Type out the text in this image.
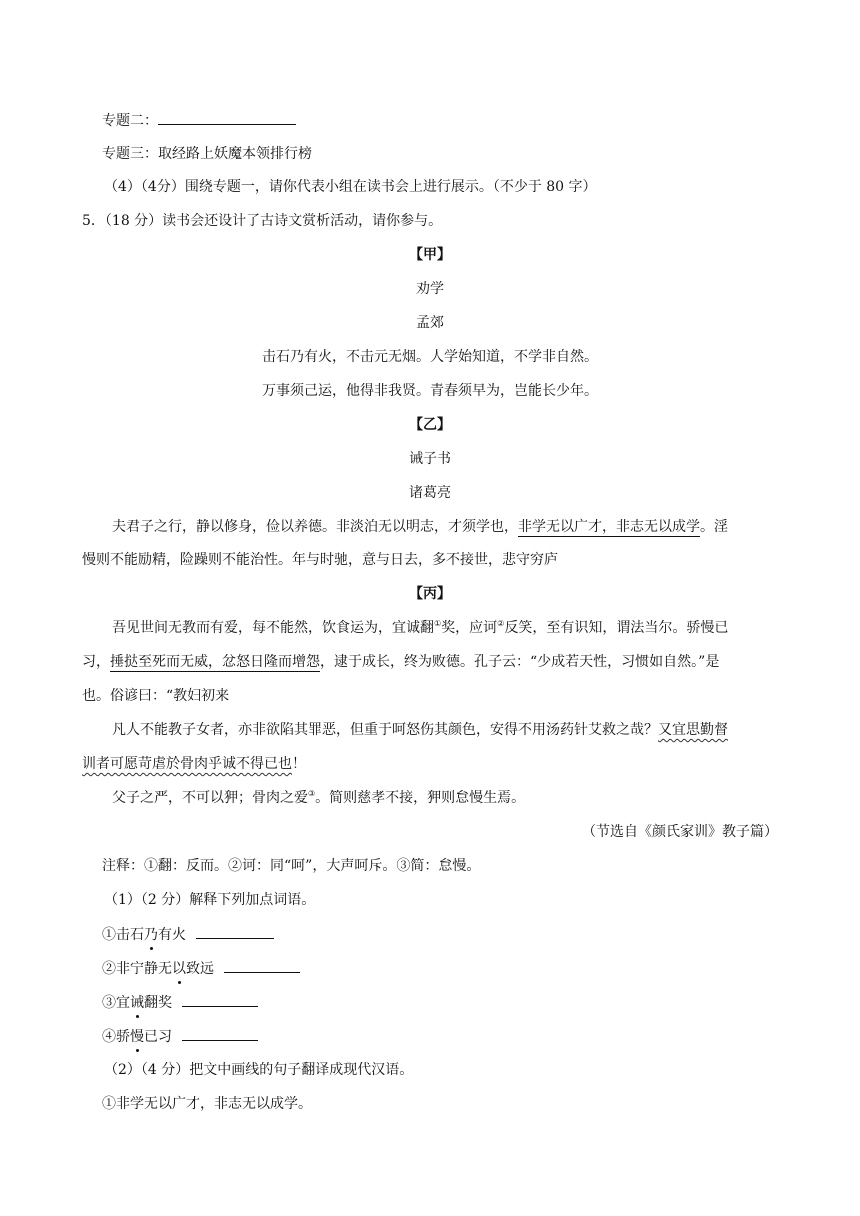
专题二：
专题三：取经路上妖魔本领排行榜
（4）（4分）围绕专题一，请你代表小组在读书会上进行展示。（不少于 80 字）
5．（18 分）读书会还设计了古诗文赏析活动，请你参与。
【甲】
劝学
孟郊
击石乃有火，不击元无烟。人学始知道，不学非自然。
万事须己运，他得非我贤。青春须早为，岂能长少年。
【乙】
诫子书
诸葛亮
夫君子之行，静以修身，俭以养德。非淡泊无以明志，才须学也，非学无以广才，非志无以成学。淫
慢则不能励精，险躁则不能治性。年与时驰，意与日去，多不接世，悲守穷庐
【丙】
吾见世间无教而有爱，每不能然，饮食运为，宜诚翻①奖，应诃②反笑，至有识知，谓法当尔。骄慢已
习，捶挞至死而无威，忿怒日隆而增怨，逮于成长，终为败德。孔子云：“少成若天性，习惯如自然。”是
也。俗谚曰：“教妇初来
凡人不能教子女者，亦非欲陷其罪恶，但重于呵怒伤其颜色，安得不用汤药针艾救之哉？又宜思勤督
训者可愿苛虐於骨肉乎诚不得已也！
父子之严，不可以狎；骨肉之爱③。简则慈孝不接，狎则怠慢生焉。
（节选自《颜氏家训》教子篇）
注释：①翻：反而。②诃：同“呵”，大声呵斥。③简：怠慢。
（1）（2 分）解释下列加点词语。
①击石乃有火
②非宁静无以致远
③宜诫翻奖
④骄慢已习
（2）（4 分）把文中画线的句子翻译成现代汉语。
①非学无以广才，非志无以成学。
